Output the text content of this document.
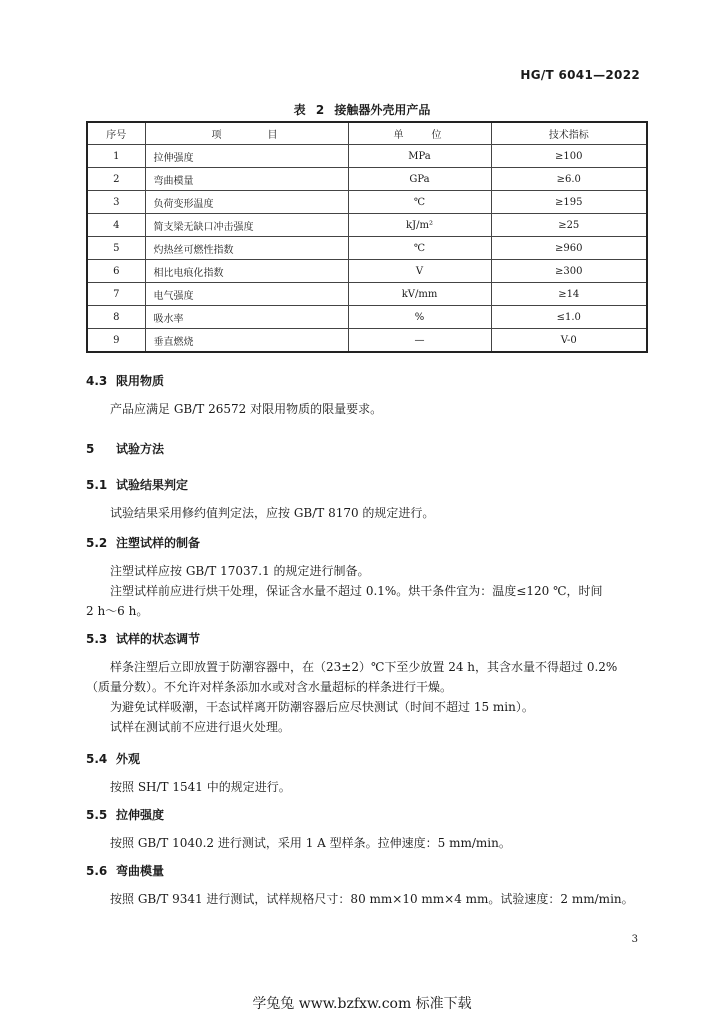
HG/T 6041—2022
表 2 接触器外壳用产品
序号	项目	单位	技术指标
1	拉伸强度	MPa	≥100
2	弯曲模量	GPa	≥6.0
3	负荷变形温度	℃	≥195
4	简支梁无缺口冲击强度	kJ/m²	≥25
5	灼热丝可燃性指数	℃	≥960
6	相比电痕化指数	V	≥300
7	电气强度	kV/mm	≥14
8	吸水率	%	≤1.0
9	垂直燃烧	—	V-0
4.3 限用物质
产品应满足 GB/T 26572 对限用物质的限量要求。
5 试验方法
5.1 试验结果判定
试验结果采用修约值判定法，应按 GB/T 8170 的规定进行。
5.2 注塑试样的制备
注塑试样应按 GB/T 17037.1 的规定进行制备。
注塑试样前应进行烘干处理，保证含水量不超过 0.1%。烘干条件宜为：温度≤120 ℃，时间
2 h～6 h。
5.3 试样的状态调节
样条注塑后立即放置于防潮容器中，在（23±2）℃下至少放置 24 h，其含水量不得超过 0.2%
（质量分数）。不允许对样条添加水或对含水量超标的样条进行干燥。
为避免试样吸潮，干态试样离开防潮容器后应尽快测试（时间不超过 15 min）。
试样在测试前不应进行退火处理。
5.4 外观
按照 SH/T 1541 中的规定进行。
5.5 拉伸强度
按照 GB/T 1040.2 进行测试，采用 1 A 型样条。拉伸速度：5 mm/min。
5.6 弯曲模量
按照 GB/T 9341 进行测试，试样规格尺寸：80 mm×10 mm×4 mm。试验速度：2 mm/min。
3
学兔兔 www.bzfxw.com 标准下载
